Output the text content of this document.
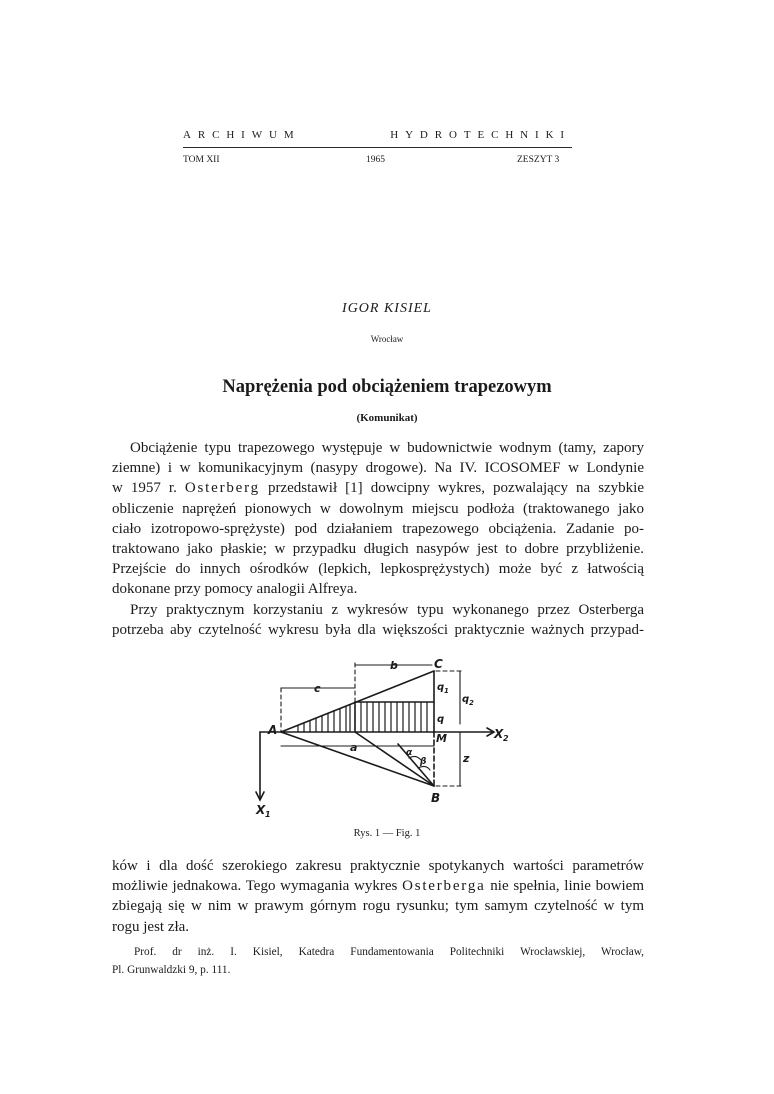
ARCHIWUM HYDROTECHNIKI
TOM XII	1965	ZESZYT 3
IGOR KISIEL
Wrocław
Naprężenia pod obciążeniem trapezowym
(Komunikat)
Obciążenie typu trapezowego występuje w budownictwie wodnym (tamy, zapory
ziemne) i w komunikacyjnym (nasypy drogowe). Na IV. ICOSOMEF w Londynie
w 1957 r. Osterberg przedstawił [1] dowcipny wykres, pozwalający na szybkie
obliczenie naprężeń pionowych w dowolnym miejscu podłoża (traktowanego jako
ciało izotropowo-sprężyste) pod działaniem trapezowego obciążenia. Zadanie po-
traktowano jako płaskie; w przypadku długich nasypów jest to dobre przybliżenie.
Przejście do innych ośrodków (lepkich, lepkosprężystych) może być z łatwością
dokonane przy pomocy analogii Alfreya.
Przy praktycznym korzystaniu z wykresów typu wykonanego przez Osterberga
potrzeba aby czytelność wykresu była dla większości praktycznie ważnych przypad-
A
B
C
M
a
b
c
z
q
q 1
q 2
X 2
X 1
α
β
Rys. 1 — Fig. 1
ków i dla dość szerokiego zakresu praktycznie spotykanych wartości parametrów
możliwie jednakowa. Tego wymagania wykres Osterberga nie spełnia, linie bowiem
zbiegają się w nim w prawym górnym rogu rysunku; tym samym czytelność w tym
rogu jest zła.
Prof. dr inż. I. Kisiel, Katedra Fundamentowania Politechniki Wrocławskiej, Wrocław,
Pl. Grunwaldzki 9, p. 111.
